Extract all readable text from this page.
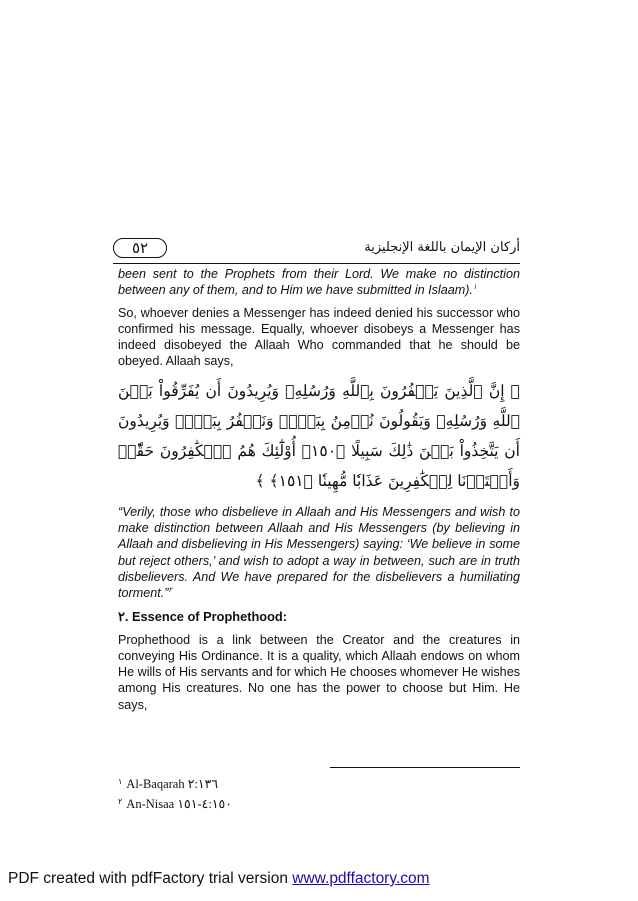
٥٢	أركان الإيمان باللغة الإنجليزية

been sent to the Prophets from their Lord. We make no distinction between any of them, and to Him we have submitted in Islaam).$^١$

So, whoever denies a Messenger has indeed denied his successor who confirmed his message. Equally, whoever disobeys a Messenger has indeed disobeyed the Allaah Who commanded that he should be obeyed. Allaah says,

﴿ إِنَّ ٱلَّذِينَ يَكۡفُرُونَ بِٱللَّهِ وَرُسُلِهِۦ وَيُرِيدُونَ أَن يُفَرِّقُواْ بَيۡنَ ٱللَّهِ وَرُسُلِهِۦ وَيَقُولُونَ نُؤۡمِنُ بِبَعۡضٖ وَنَكۡفُرُ بِبَعۡضٖ وَيُرِيدُونَ أَن يَتَّخِذُواْ بَيۡنَ ذَٰلِكَ سَبِيلًا ﴿١٥٠﴾ أُوْلَٰٓئِكَ هُمُ ٱلۡكَٰفِرُونَ حَقّٗاۚ وَأَعۡتَدۡنَا لِلۡكَٰفِرِينَ عَذَابٗا مُّهِينٗا ﴿١٥١﴾ ﴾

“Verily, those who disbelieve in Allaah and His Messengers and wish to make distinction between Allaah and His Messengers (by believing in Allaah and disbelieving in His Messengers) saying: ‘We believe in some but reject others,’ and wish to adopt a way in between, such are in truth disbelievers. And We have prepared for the disbelievers a humiliating torment.”$^٢$

٢. Essence of Prophethood:

Prophethood is a link between the Creator and the creatures in conveying His Ordinance. It is a quality, which Allaah endows on whom He wills of His servants and for which He chooses whomever He wishes among His creatures. No one has the power to choose but Him. He says,

$^١$ Al-Baqarah ٢:١٣٦
$^٢$ An-Nisaa ٤:١٥٠-١٥١
PDF created with pdfFactory trial version www.pdffactory.com
